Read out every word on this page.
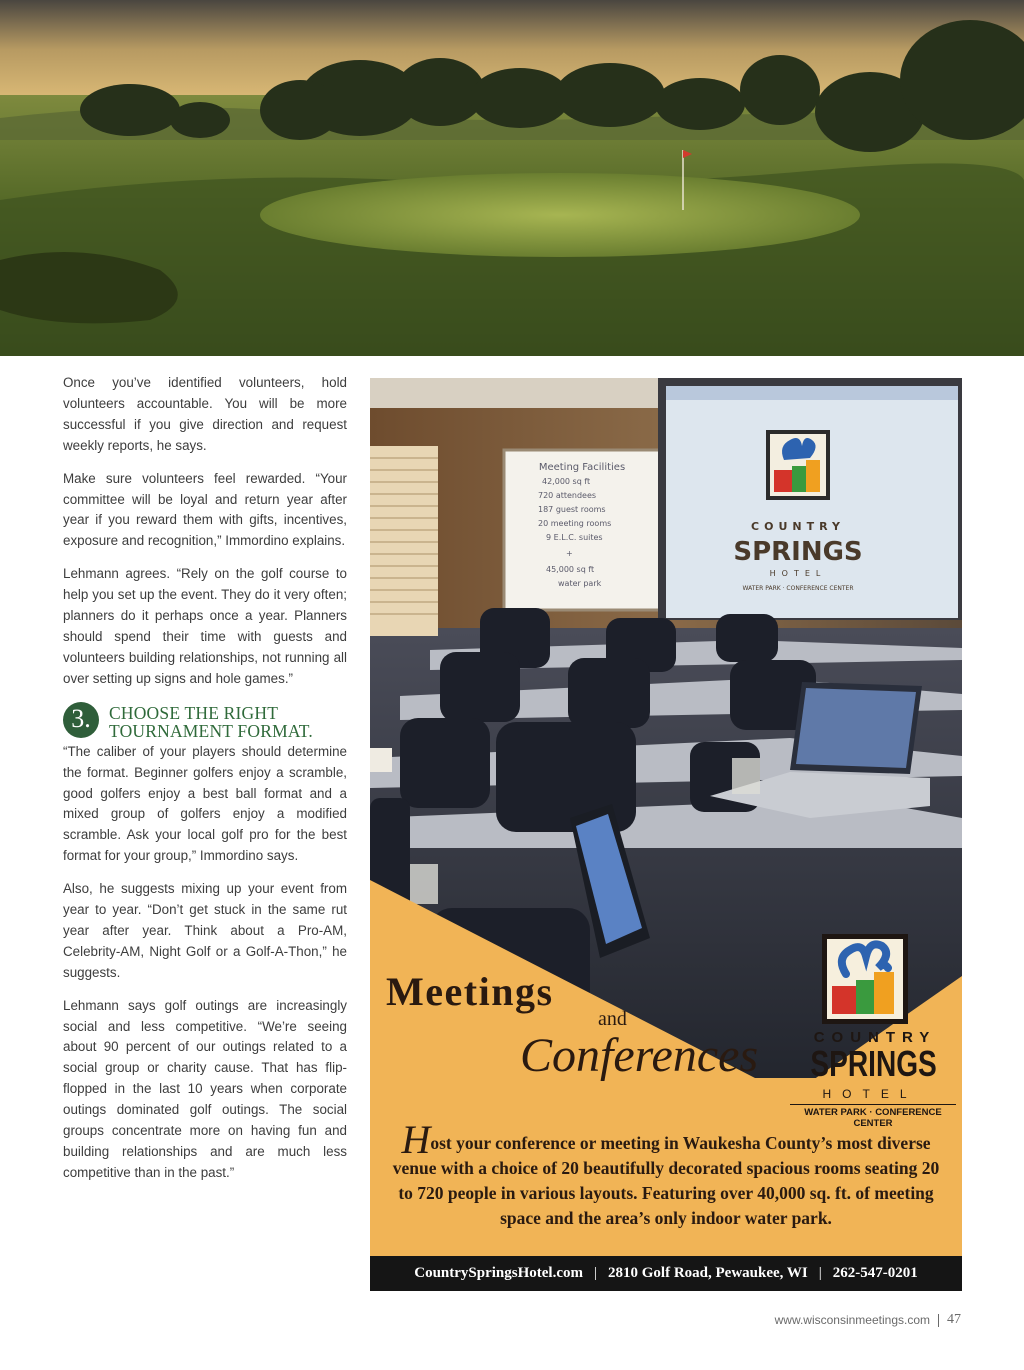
Once you’ve identified volunteers, hold volunteers accountable. You will be more successful if you give direction and request weekly reports, he says.

Make sure volunteers feel rewarded. “Your committee will be loyal and return year after year if you reward them with gifts, incentives, exposure and recognition,” Immordino explains.

Lehmann agrees. “Rely on the golf course to help you set up the event. They do it very often; planners do it perhaps once a year. Planners should spend their time with guests and volunteers building relationships, not running all over setting up signs and hole games.”

3.	CHOOSE THE RIGHT
TOURNAMENT FORMAT.

“The caliber of your players should determine the format. Beginner golfers enjoy a scramble, good golfers enjoy a best ball format and a mixed group of golfers enjoy a modified scramble. Ask your local golf pro for the best format for your group,” Immordino says.

Also, he suggests mixing up your event from year to year. “Don’t get stuck in the same rut year after year. Think about a Pro-AM, Celebrity-AM, Night Golf or a Golf-A-Thon,” he suggests.

Lehmann says golf outings are increasingly social and less competitive. “We’re seeing about 90 percent of our outings related to a social group or charity cause. That has flip-flopped in the last 10 years when corporate outings dominated golf outings. The social groups concentrate more on having fun and building relationships and are much less competitive than in the past.”

Meeting Facilities
42,000 sq ft
720 attendees
187 guest rooms
20 meeting rooms
9 E.L.C. suites
+
45,000 sq ft
water park
COUNTRY
SPRINGS
HOTEL
WATER PARK · CONFERENCE CENTER
Meetings
and
Conferences	COUNTRY
SPRINGS
HOTEL
WATER PARK · CONFERENCE CENTER
Host your conference or meeting in Waukesha County’s most diverse venue with a choice of 20 beautifully decorated spacious rooms seating 20 to 720 people in various layouts. Featuring over 40,000 sq. ft. of meeting space and the area’s only indoor water park.
CountrySpringsHotel.com | 2810 Golf Road, Pewaukee, WI | 262-547-0201
www.wisconsinmeetings.com 47
